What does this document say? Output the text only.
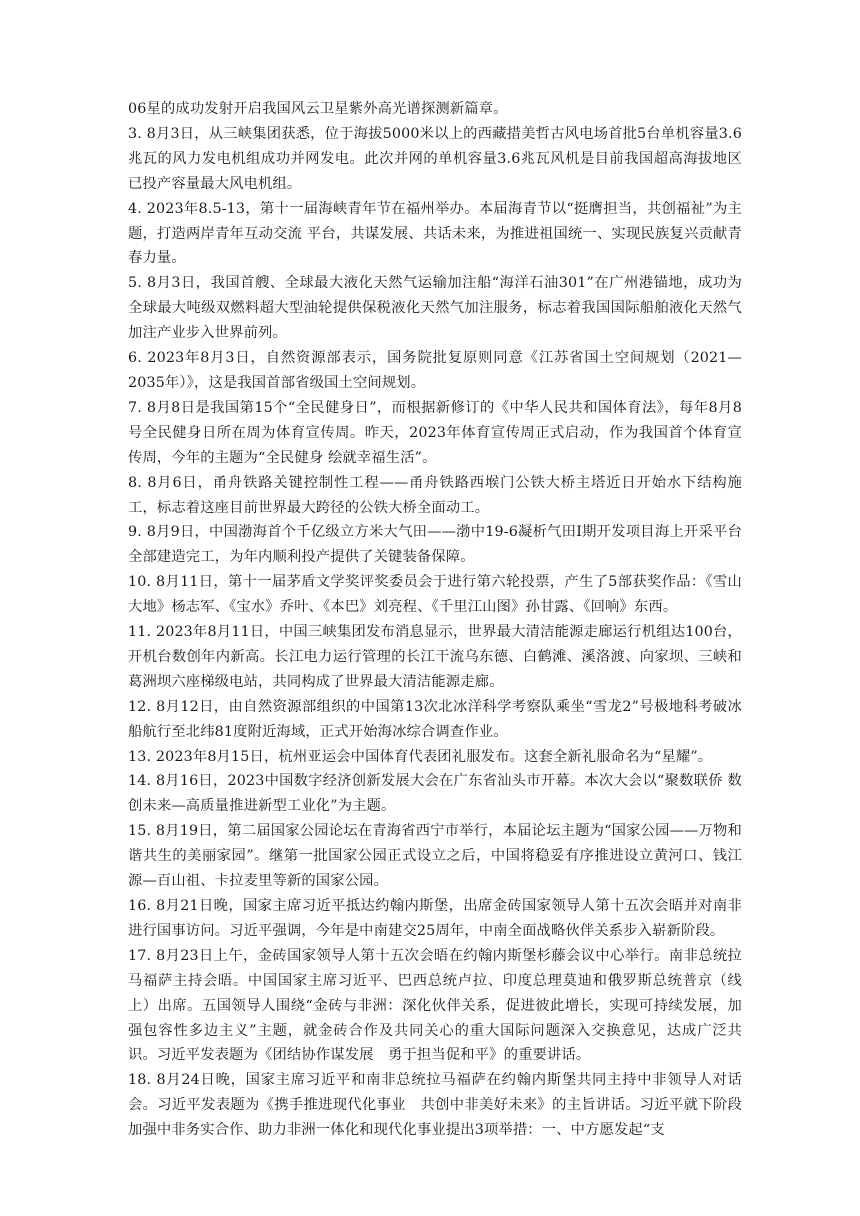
06星的成功发射开启我国风云卫星紫外高光谱探测新篇章。

3. 8月3日，从三峡集团获悉，位于海拔5000米以上的西藏措美哲古风电场首批5台单机容量3.6兆瓦的风力发电机组成功并网发电。此次并网的单机容量3.6兆瓦风机是目前我国超高海拔地区已投产容量最大风电机组。

4. 2023年8.5-13，第十一届海峡青年节在福州举办。本届海青节以“挺膺担当，共创福祉”为主题，打造两岸青年互动交流 平台，共谋发展、共话未来，为推进祖国统一、实现民族复兴贡献青春力量。

5. 8月3日，我国首艘、全球最大液化天然气运输加注船“海洋石油301”在广州港锚地，成功为全球最大吨级双燃料超大型油轮提供保税液化天然气加注服务，标志着我国国际船舶液化天然气加注产业步入世界前列。

6. 2023年8月3日，自然资源部表示，国务院批复原则同意《江苏省国土空间规划（2021—2035年）》，这是我国首部省级国土空间规划。

7. 8月8日是我国第15个“全民健身日”，而根据新修订的《中华人民共和国体育法》，每年8月8号全民健身日所在周为体育宣传周。昨天，2023年体育宣传周正式启动，作为我国首个体育宣传周，今年的主题为“全民健身 绘就幸福生活”。

8. 8月6日，甬舟铁路关键控制性工程——甬舟铁路西堠门公铁大桥主塔近日开始水下结构施工，标志着这座目前世界最大跨径的公铁大桥全面动工。

9. 8月9日，中国渤海首个千亿级立方米大气田——渤中19-6凝析气田Ⅰ期开发项目海上开采平台全部建造完工，为年内顺利投产提供了关键装备保障。

10. 8月11日，第十一届茅盾文学奖评奖委员会于进行第六轮投票，产生了5部获奖作品：《雪山大地》杨志军、《宝水》乔叶、《本巴》刘亮程、《千里江山图》孙甘露、《回响》东西。

11. 2023年8月11日，中国三峡集团发布消息显示，世界最大清洁能源走廊运行机组达100台，开机台数创年内新高。长江电力运行管理的长江干流乌东德、白鹤滩、溪洛渡、向家坝、三峡和葛洲坝六座梯级电站，共同构成了世界最大清洁能源走廊。

12. 8月12日，由自然资源部组织的中国第13次北冰洋科学考察队乘坐“雪龙2”号极地科考破冰船航行至北纬81度附近海域，正式开始海冰综合调查作业。

13. 2023年8月15日，杭州亚运会中国体育代表团礼服发布。这套全新礼服命名为“星耀”。

14. 8月16日，2023中国数字经济创新发展大会在广东省汕头市开幕。本次大会以“聚数联侨 数创未来—高质量推进新型工业化”为主题。

15. 8月19日，第二届国家公园论坛在青海省西宁市举行，本届论坛主题为“国家公园——万物和谐共生的美丽家园”。继第一批国家公园正式设立之后，中国将稳妥有序推进设立黄河口、钱江源—百山祖、卡拉麦里等新的国家公园。

16. 8月21日晚，国家主席习近平抵达约翰内斯堡，出席金砖国家领导人第十五次会晤并对南非进行国事访问。习近平强调，今年是中南建交25周年，中南全面战略伙伴关系步入崭新阶段。

17. 8月23日上午，金砖国家领导人第十五次会晤在约翰内斯堡杉藤会议中心举行。南非总统拉马福萨主持会晤。中国国家主席习近平、巴西总统卢拉、印度总理莫迪和俄罗斯总统普京（线上）出席。五国领导人围绕“金砖与非洲：深化伙伴关系，促进彼此增长，实现可持续发展，加强包容性多边主义”主题，就金砖合作及共同关心的重大国际问题深入交换意见，达成广泛共识。习近平发表题为《团结协作谋发展　勇于担当促和平》的重要讲话。

18. 8月24日晚，国家主席习近平和南非总统拉马福萨在约翰内斯堡共同主持中非领导人对话会。习近平发表题为《携手推进现代化事业　共创中非美好未来》的主旨讲话。习近平就下阶段加强中非务实合作、助力非洲一体化和现代化事业提出3项举措：一、中方愿发起“支
